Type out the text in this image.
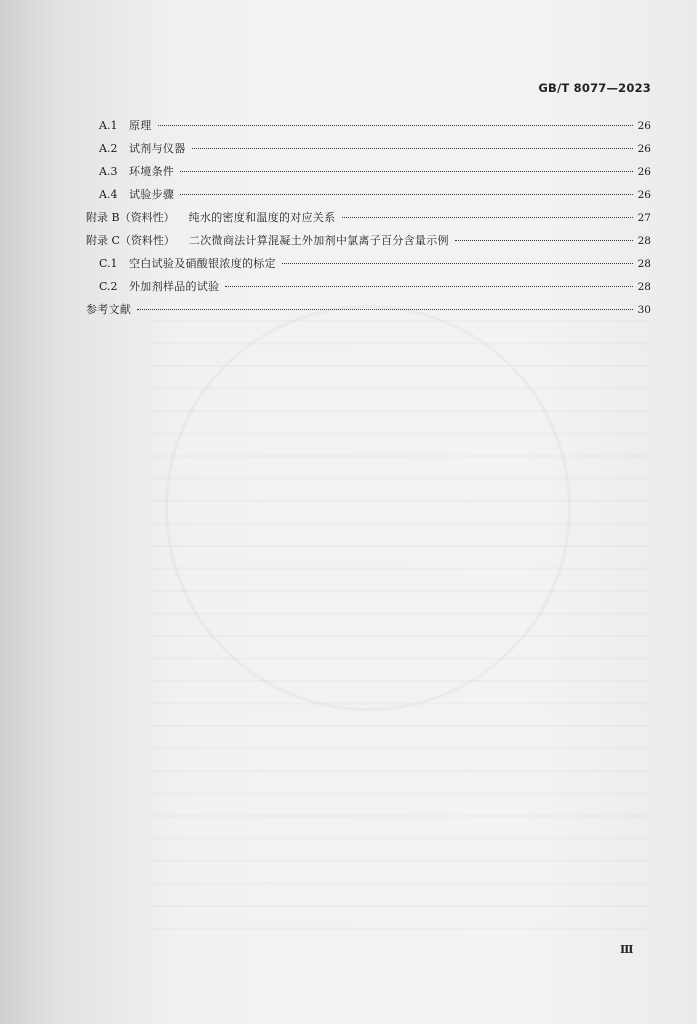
GB/T 8077—2023
A.1	原理	26
A.2	试剂与仪器	26
A.3	环境条件	26
A.4	试验步骤	26
附录 B（资料性） 纯水的密度和温度的对应关系	27
附录 C（资料性） 二次微商法计算混凝土外加剂中氯离子百分含量示例	28
C.1	空白试验及硝酸银浓度的标定	28
C.2	外加剂样品的试验	28
参考文献	30
Ⅲ
